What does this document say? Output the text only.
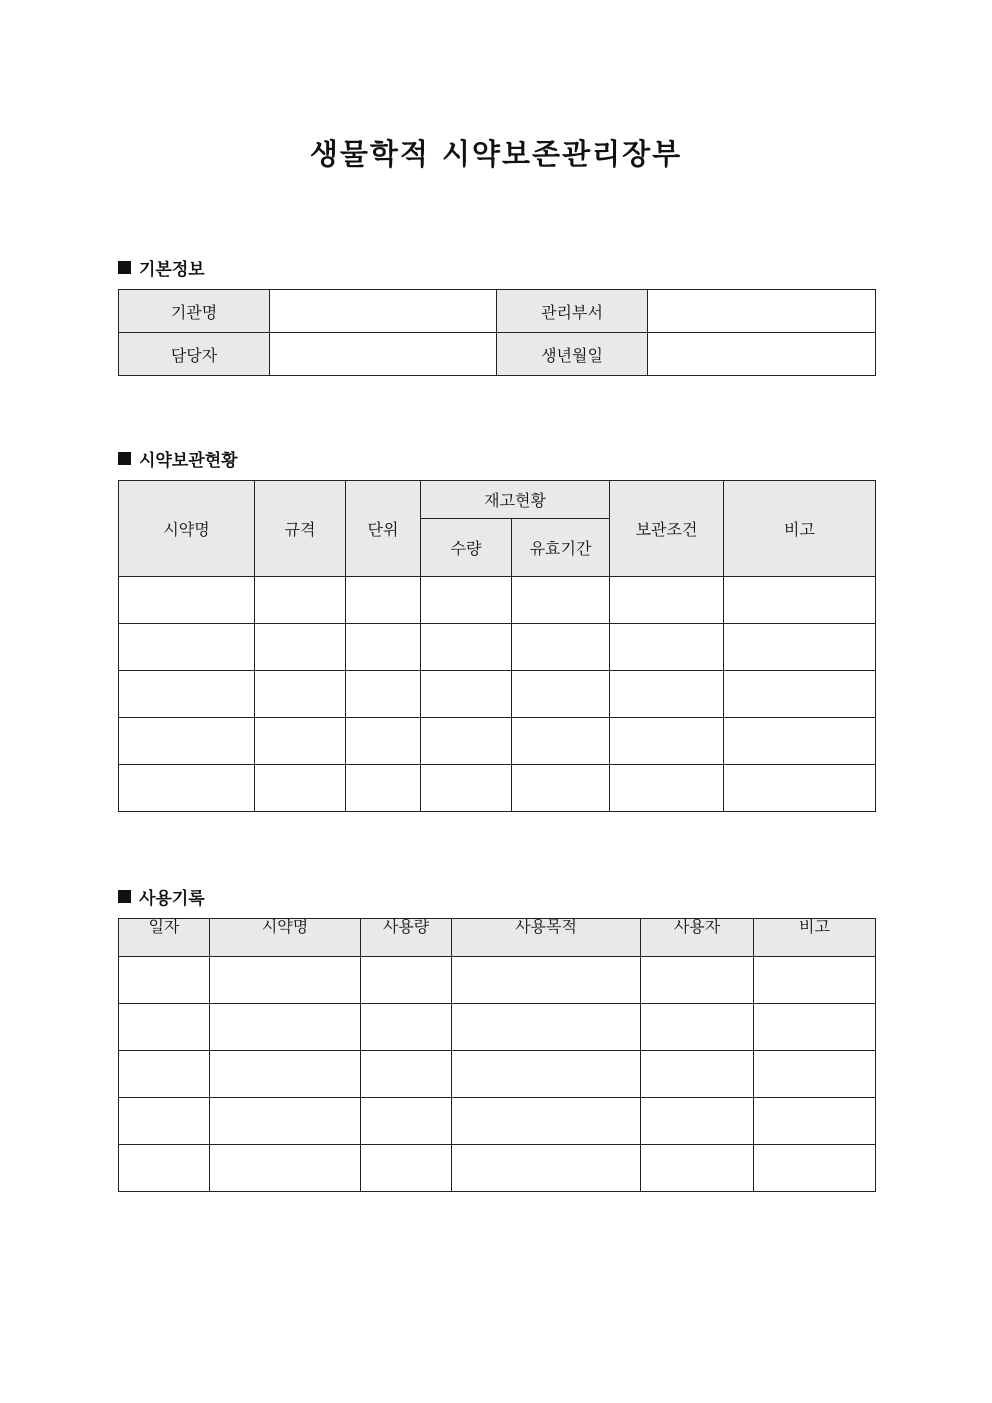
생물학적 시약보존관리장부
기본정보
기관명		관리부서	
담당자		생년월일	
시약보관현황
시약명	규격	단위	재고현황		보관조건	비고
			수량	유효기간		

사용기록
일자	시약명	사용량	사용목적	사용자	비고
